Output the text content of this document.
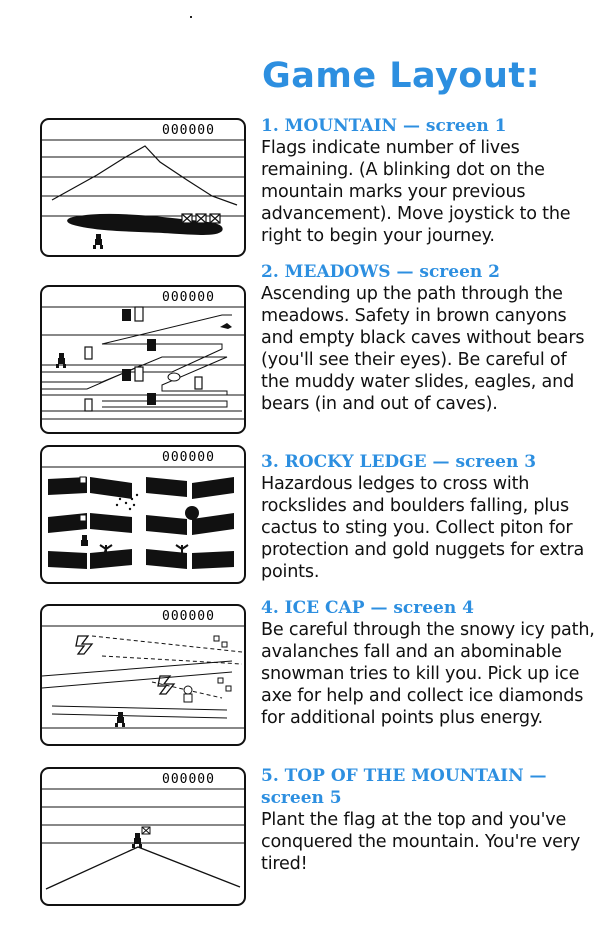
Game Layout:

1. MOUNTAIN — screen 1

Flags indicate number of lives remaining. (A blinking dot on the mountain marks your previous advancement). Move joystick to the right to begin your journey.

2. MEADOWS — screen 2

Ascending up the path through the meadows. Safety in brown canyons and empty black caves without bears (you'll see their eyes). Be careful of the muddy water slides, eagles, and bears (in and out of caves).

3. ROCKY LEDGE — screen 3

Hazardous ledges to cross with rockslides and boulders falling, plus cactus to sting you. Collect piton for protection and gold nuggets for extra points.

4. ICE CAP — screen 4

Be careful through the snowy icy path, avalanches fall and an abominable snowman tries to kill you. Pick up ice axe for help and collect ice diamonds for additional points plus energy.

5. TOP OF THE MOUNTAIN —

screen 5

Plant the flag at the top and you've conquered the mountain. You're very tired!

000000
000000
000000
000000
000000
